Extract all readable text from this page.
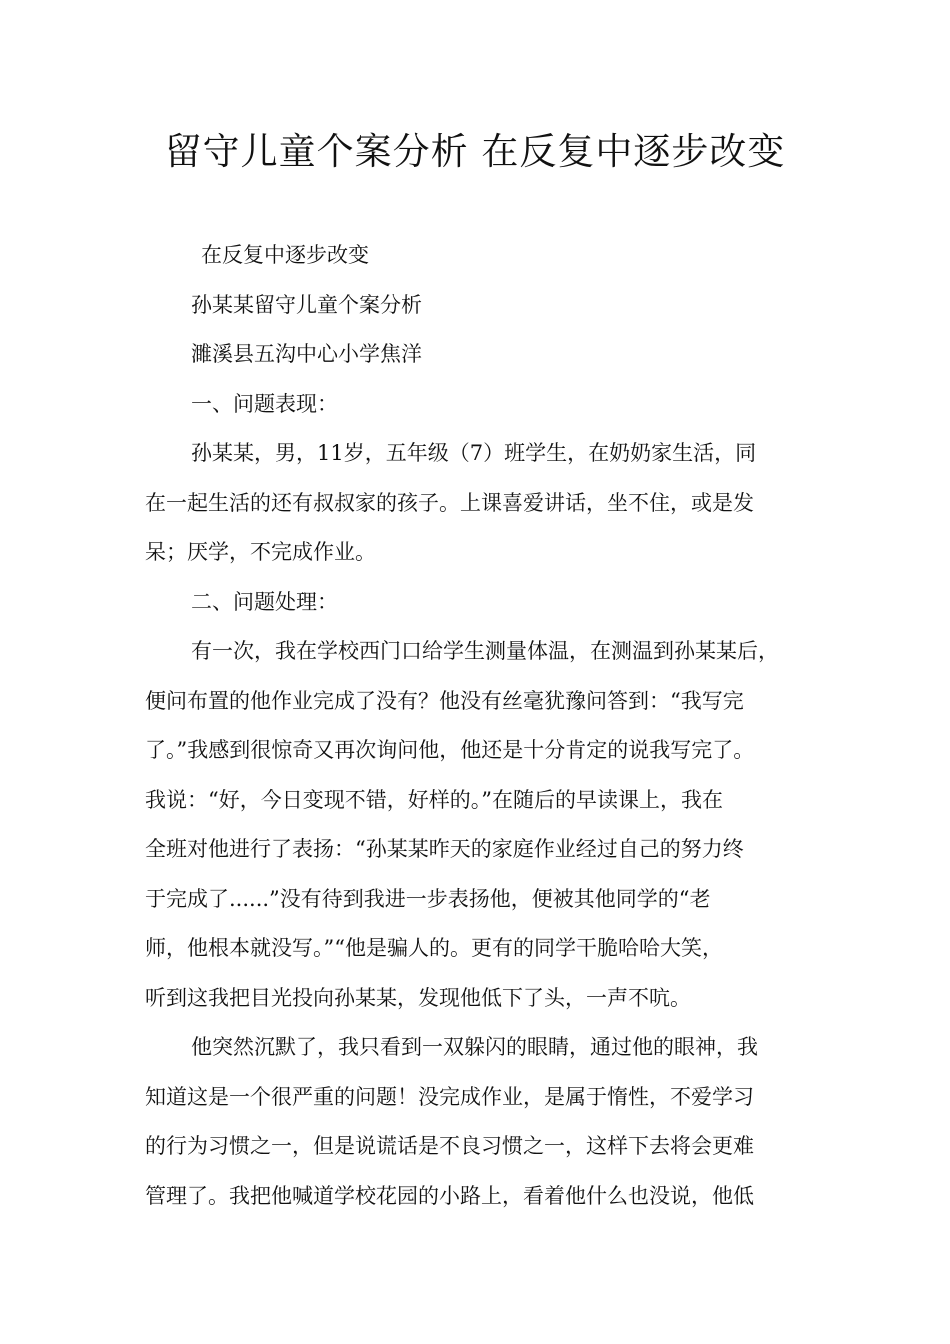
留守儿童个案分析 在反复中逐步改变
在反复中逐步改变
孙某某留守儿童个案分析
濉溪县五沟中心小学焦洋
一、问题表现：
孙某某，男，11岁，五年级（7）班学生，在奶奶家生活，同
在一起生活的还有叔叔家的孩子。上课喜爱讲话，坐不住，或是发
呆；厌学，不完成作业。
二、问题处理：
有一次，我在学校西门口给学生测量体温，在测温到孙某某后，
便问布置的他作业完成了没有？他没有丝毫犹豫问答到：“我写完
了。”我感到很惊奇又再次询问他，他还是十分肯定的说我写完了。
我说：“好，今日变现不错，好样的。”在随后的早读课上，我在
全班对他进行了表扬：“孙某某昨天的家庭作业经过自己的努力终
于完成了......”没有待到我进一步表扬他，便被其他同学的“老
师，他根本就没写。”“他是骗人的。更有的同学干脆哈哈大笑，
听到这我把目光投向孙某某，发现他低下了头，一声不吭。
他突然沉默了，我只看到一双躲闪的眼睛，通过他的眼神，我
知道这是一个很严重的问题！没完成作业，是属于惰性，不爱学习
的行为习惯之一，但是说谎话是不良习惯之一，这样下去将会更难
管理了。我把他喊道学校花园的小路上，看着他什么也没说，他低
